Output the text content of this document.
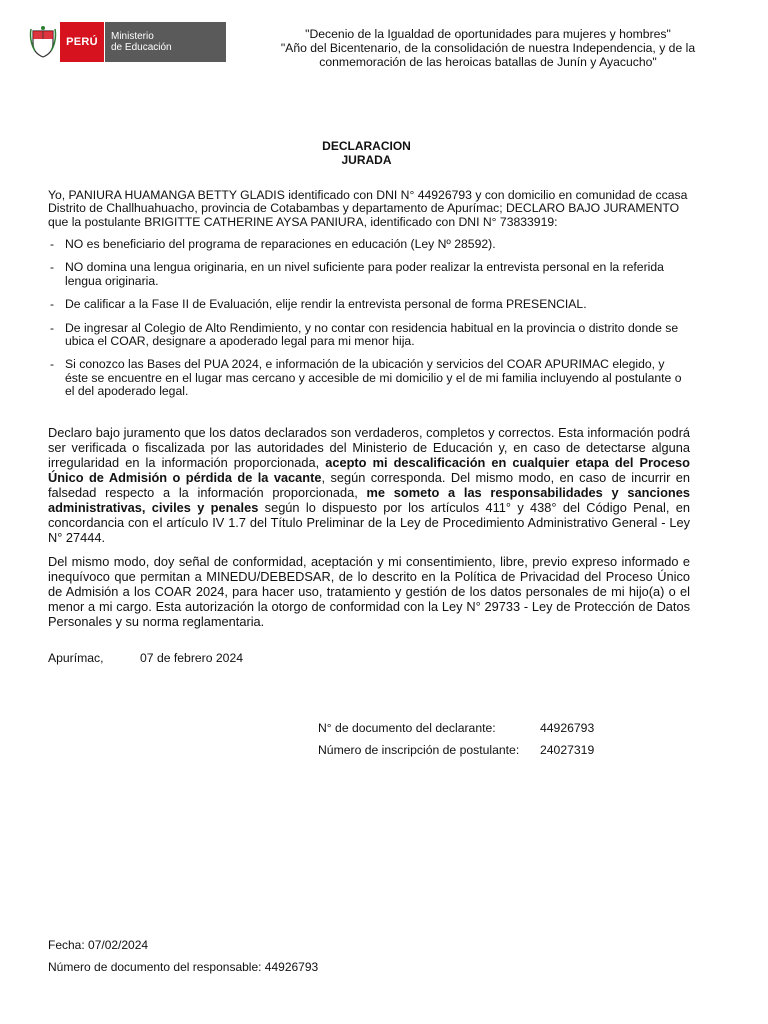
PERÚ	Ministerio
de Educación
"Decenio de la Igualdad de oportunidades para mujeres y hombres"
"Año del Bicentenario, de la consolidación de nuestra Independencia, y de la
conmemoración de las heroicas batallas de Junín y Ayacucho"
DECLARACION
JURADA
Yo, PANIURA HUAMANGA BETTY GLADIS identificado con DNI N° 44926793 y con domicilio en comunidad de ccasa Distrito de Challhuahuacho, provincia de Cotabambas y departamento de Apurímac; DECLARO BAJO JURAMENTO que la postulante BRIGITTE CATHERINE AYSA PANIURA, identificado con DNI N° 73833919:
- NO es beneficiario del programa de reparaciones en educación (Ley Nº 28592).
- NO domina una lengua originaria, en un nivel suficiente para poder realizar la entrevista personal en la referida lengua originaria.
- De calificar a la Fase II de Evaluación, elije rendir la entrevista personal de forma PRESENCIAL.
- De ingresar al Colegio de Alto Rendimiento, y no contar con residencia habitual en la provincia o distrito donde se ubica el COAR, designare a apoderado legal para mi menor hija.
- Si conozco las Bases del PUA 2024, e información de la ubicación y servicios del COAR APURIMAC elegido, y éste se encuentre en el lugar mas cercano y accesible de mi domicilio y el de mi familia incluyendo al postulante o el del apoderado legal.
Declaro bajo juramento que los datos declarados son verdaderos, completos y correctos. Esta información podrá ser verificada o fiscalizada por las autoridades del Ministerio de Educación y, en caso de detectarse alguna irregularidad en la información proporcionada, acepto mi descalificación en cualquier etapa del Proceso Único de Admisión o pérdida de la vacante, según corresponda. Del mismo modo, en caso de incurrir en falsedad respecto a la información proporcionada, me someto a las responsabilidades y sanciones administrativas, civiles y penales según lo dispuesto por los artículos 411° y 438° del Código Penal, en concordancia con el artículo IV 1.7 del Título Preliminar de la Ley de Procedimiento Administrativo General - Ley N° 27444.
Del mismo modo, doy señal de conformidad, aceptación y mi consentimiento, libre, previo expreso informado e inequívoco que permitan a MINEDU/DEBEDSAR, de lo descrito en la Política de Privacidad del Proceso Único de Admisión a los COAR 2024, para hacer uso, tratamiento y gestión de los datos personales de mi hijo(a) o el menor a mi cargo. Esta autorización la otorgo de conformidad con la Ley N° 29733 - Ley de Protección de Datos Personales y su norma reglamentaria.
Apurímac,	07 de febrero 2024
N° de documento del declarante:	44926793
Número de inscripción de postulante:	24027319
Fecha: 07/02/2024
Número de documento del responsable: 44926793
